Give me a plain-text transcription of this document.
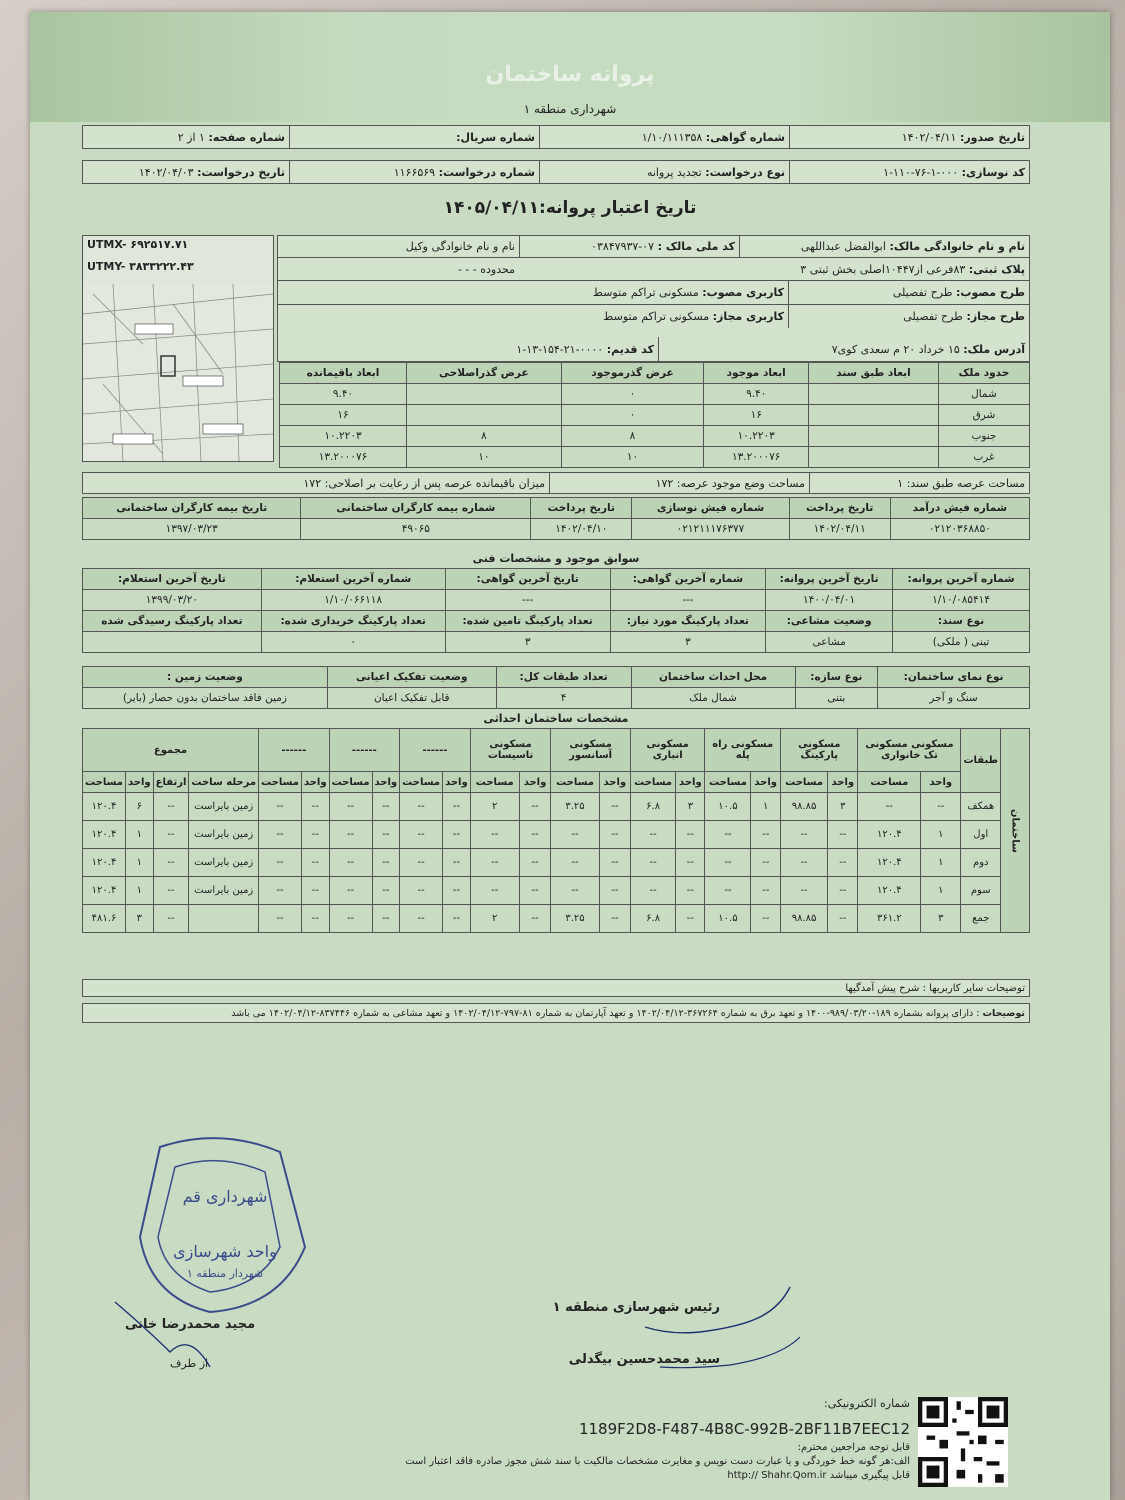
پروانه ساختمان
شهرداری منطقه ۱
تاریخ صدور:

۱۴۰۲/۰۴/۱۱
شماره گواهی:

۱/۱۰/۱۱۱۳۵۸
شماره سریال:

شماره صفحه:

۱ از ۲
کد نوسازی:

۱-۱۱۰-۷۶-۱-۰۰۰
نوع درخواست:

تجدید پروانه
شماره درخواست:

۱۱۶۶۵۶۹
تاریخ درخواست:

۱۴۰۲/۰۴/۰۳
تاریخ اعتبار پروانه:۱۴۰۵/۰۴/۱۱
UTMX- ۶۹۲۵۱۷.۷۱
UTMY- ۳۸۳۳۲۲۲.۴۳
نام و نام خانوادگی مالک:

ابوالفضل عبداللهی
کد ملی مالک :

۰۳۸۴۷۹۳۷-۰۷
نام و نام خانوادگی وکیل
پلاک ثبتی:

۸۳فرعی از۱۰۴۴۷اصلی بخش ثبتی ۳
محدوده

- - -
طرح مصوب:

طرح تفصیلی
کاربری مصوب:

مسکونی تراکم متوسط
طرح مجاز:

طرح تفصیلی
کاربری مجاز:

مسکونی تراکم متوسط
آدرس ملک:

۱۵ خرداد ۲۰ م سعدی کوی۷
کد قدیم:

۱-۱۳-۱۵۴-۲۱-۰۰۰۰
حدود ملک	ابعاد طبق سند	ابعاد موجود	عرض گذرموجود	عرض گذراصلاحی	ابعاد باقیمانده
شمال		۹.۴۰	۰		۹.۴۰
شرق		۱۶	۰		۱۶
جنوب		۱۰.۲۲۰۳	۸	۸	۱۰.۲۲۰۳
غرب		۱۳.۲۰۰۰۷۶	۱۰	۱۰	۱۳.۲۰۰۰۷۶
مساحت عرصه طبق سند: ۱
مساحت وضع موجود عرصه: ۱۷۲
میزان باقیمانده عرصه پس از رعایت بر اصلاحی: ۱۷۲
شماره فیش درآمد	تاریخ پرداخت	شماره فیش نوسازی	تاریخ پرداخت	شماره بیمه کارگران ساختمانی	تاریخ بیمه کارگران ساختمانی
۰۲۱۲۰۳۶۸۸۵۰	۱۴۰۲/۰۴/۱۱	۰۲۱۲۱۱۱۷۶۳۷۷	۱۴۰۲/۰۴/۱۰	۴۹۰۶۵	۱۳۹۷/۰۳/۲۳
سوابق موجود و مشخصات فنی
شماره آخرین پروانه:	تاریخ آخرین پروانه:	شماره آخرین گواهی:	تاریخ آخرین گواهی:	شماره آخرین استعلام:	تاریخ آخرین استعلام:
۱/۱۰/۰۸۵۴۱۴	۱۴۰۰/۰۴/۰۱	---	---	۱/۱۰/۰۶۶۱۱۸	۱۳۹۹/۰۳/۲۰
نوع سند:	وضعیت مشاعی:	تعداد پارکینگ مورد نیاز:	تعداد پارکینگ تامین شده:	تعداد پارکینگ خریداری شده:	تعداد پارکینگ رسیدگی شده
تینی ( ملکی)	مشاعی	۳	۳	۰	
نوع نمای ساختمان:	نوع سازه:	محل احداث ساختمان	تعداد طبقات کل:	وضعیت تفکیک اعیانی	وضعیت زمین :
سنگ و آجر	بتنی	شمال ملک	۴	قابل تفکیک اعیان	زمین فاقد ساختمان بدون حصار (بایر)
مشخصات ساختمان احداثی
ساختمان	طبقات	مسکونی مسکونی تک خانواری		مسکونی پارکینگ		مسکونی راه پله		مسکونی انباری		مسکونی آسانسور		مسکونی تاسیسات		------		------		------		مجموع			
		واحد	مساحت	واحد	مساحت	واحد	مساحت	واحد	مساحت	واحد	مساحت	واحد	مساحت	واحد	مساحت	واحد	مساحت	واحد	مساحت	مرحله ساخت	ارتفاع	واحد	مساحت
	همکف	--	--	۳	۹۸.۸۵	۱	۱۰.۵	۳	۶.۸	--	۳.۲۵	--	۲	--	--	--	--	--	--	زمین بایراست	--	۶	۱۲۰.۴
	اول	۱	۱۲۰.۴	--	--	--	--	--	--	--	--	--	--	--	--	--	--	--	--	زمین بایراست	--	۱	۱۲۰.۴
	دوم	۱	۱۲۰.۴	--	--	--	--	--	--	--	--	--	--	--	--	--	--	--	--	زمین بایراست	--	۱	۱۲۰.۴
	سوم	۱	۱۲۰.۴	--	--	--	--	--	--	--	--	--	--	--	--	--	--	--	--	زمین بایراست	--	۱	۱۲۰.۴
	جمع	۳	۳۶۱.۲	--	۹۸.۸۵	--	۱۰.۵	--	۶.۸	--	۳.۲۵	--	۲	--	--	--	--	--	--		--	۳	۴۸۱.۶
توضیحات سایر کاربریها
:
شرح پیش آمدگیها
توضیحات
:
دارای پروانه بشماره ۱۸۹-۹۸۹/۰۳/۲۰-۱۴۰۰ و تعهد برق به شماره ۳۶۷۲۶۴-۱۴۰۲/۰۴/۱۲ و تعهد آپارتمان به شماره ۸۱-۷۹۷-۱۴۰۲/۰۴/۱۲ و تعهد مشاعی به شماره ۸۳۷۴۴۶-۱۴۰۲/۰۴/۱۲ می باشد
شهرداری قم
واحد شهرسازی
شهردار منطقه ۱
مجید محمدرضا خانی
از طرف
رئیس شهرسازی منطقه ۱
سید محمدحسین بیگدلی
شماره الکترونیکی:
1189F2D8-F487-4B8C-992B-2BF11B7EEC12
قابل توجه مراجعین محترم:
الف:هر گونه خط خوردگی و یا عبارت دست نویس و مغایرت مشخصات مالکیت با سند شش مجوز صادره فاقد اعتبار است
قابل پیگیری میباشد http:// Shahr.Qom.ir
